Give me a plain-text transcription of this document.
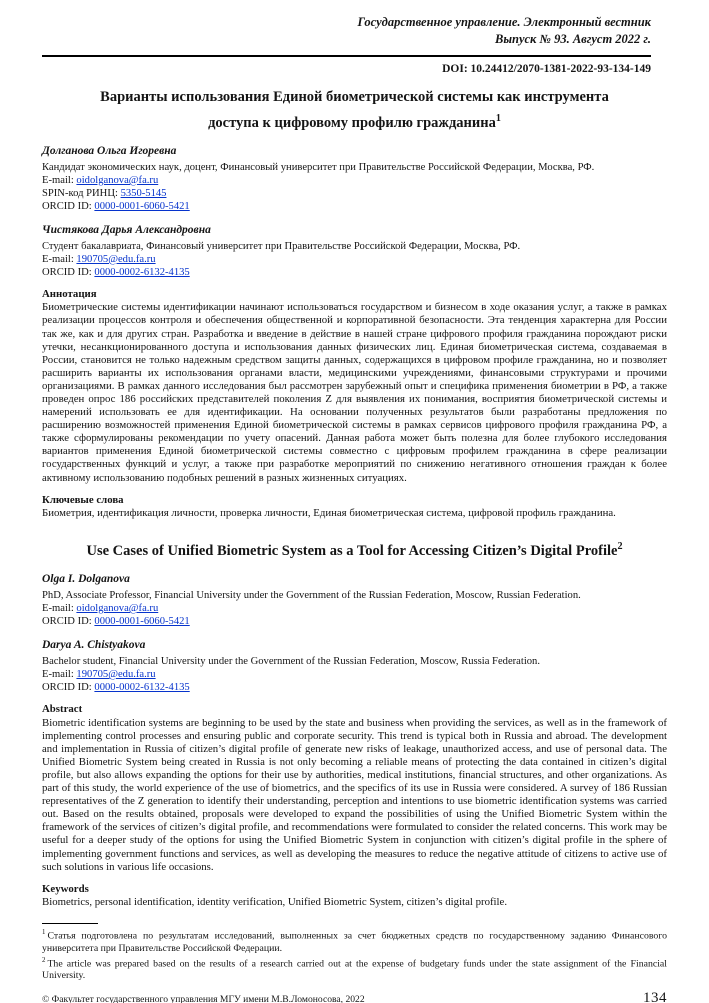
Государственное управление. Электронный вестник
Выпуск № 93. Август 2022 г.
DOI: 10.24412/2070-1381-2022-93-134-149
Варианты использования Единой биометрической системы как инструмента доступа к цифровому профилю гражданина$^1$
Долганова Ольга Игоревна
Кандидат экономических наук, доцент, Финансовый университет при Правительстве Российской Федерации, Москва, РФ.
E-mail: oidolganova@fa.ru
SPIN-код РИНЦ: 5350-5145
ORCID ID: 0000-0001-6060-5421
Чистякова Дарья Александровна
Студент бакалавриата, Финансовый университет при Правительстве Российской Федерации, Москва, РФ.
E-mail: 190705@edu.fa.ru
ORCID ID: 0000-0002-6132-4135
Аннотация

Биометрические системы идентификации начинают использоваться государством и бизнесом в ходе оказания услуг, а также в рамках реализации процессов контроля и обеспечения общественной и корпоративной безопасности. Эта тенденция характерна для России так же, как и для других стран. Разработка и введение в действие в нашей стране цифрового профиля гражданина порождают риски утечки, несанкционированного доступа и использования данных физических лиц. Единая биометрическая система, создаваемая в России, становится не только надежным средством защиты данных, содержащихся в цифровом профиле гражданина, но и позволяет расширить варианты их использования органами власти, медицинскими учреждениями, финансовыми структурами и прочими организациями. В рамках данного исследования был рассмотрен зарубежный опыт и специфика применения биометрии в РФ, а также проведен опрос 186 российских представителей поколения Z для выявления их понимания, восприятия биометрической системы и намерений использовать ее для идентификации. На основании полученных результатов были разработаны предложения по расширению возможностей применения Единой биометрической системы в рамках сервисов цифрового профиля гражданина РФ, а также сформулированы рекомендации по учету опасений. Данная работа может быть полезна для более глубокого исследования вариантов применения Единой биометрической системы совместно с цифровым профилем гражданина в сфере реализации государственных функций и услуг, а также при разработке мероприятий по снижению негативного отношения граждан к более активному использованию подобных решений в разных жизненных ситуациях.

Ключевые слова

Биометрия, идентификация личности, проверка личности, Единая биометрическая система, цифровой профиль гражданина.

Use Cases of Unified Biometric System as a Tool for Accessing Citizen’s Digital Profile$^2$
Olga I. Dolganova
PhD, Associate Professor, Financial University under the Government of the Russian Federation, Moscow, Russian Federation.
E-mail: oidolganova@fa.ru
ORCID ID: 0000-0001-6060-5421
Darya A. Chistyakova
Bachelor student, Financial University under the Government of the Russian Federation, Moscow, Russia Federation.
E-mail: 190705@edu.fa.ru
ORCID ID: 0000-0002-6132-4135
Abstract

Biometric identification systems are beginning to be used by the state and business when providing the services, as well as in the framework of implementing control processes and ensuring public and corporate security. This trend is typical both in Russia and abroad. The development and implementation in Russia of citizen’s digital profile of generate new risks of leakage, unauthorized access, and use of personal data. The Unified Biometric System being created in Russia is not only becoming a reliable means of protecting the data contained in citizen’s digital profile, but also allows expanding the options for their use by authorities, medical institutions, financial structures, and other organizations. As part of this study, the world experience of the use of biometrics, and the specifics of its use in Russia were considered. A survey of 186 Russian representatives of the Z generation to identify their understanding, perception and intentions to use biometric identification systems was carried out. Based on the results obtained, proposals were developed to expand the possibilities of using the Unified Biometric System within the framework of the services of citizen’s digital profile, and recommendations were formulated to consider the related concerns. This work may be useful for a deeper study of the options for using the Unified Biometric System in conjunction with citizen’s digital profile in the sphere of implementing government functions and services, as well as developing the measures to reduce the negative attitude of citizens to active use of such solutions in various life occasions.

Keywords

Biometrics, personal identification, identity verification, Unified Biometric System, citizen’s digital profile.

$^1$ Статья подготовлена по результатам исследований, выполненных за счет бюджетных средств по государственному заданию Финансового университета при Правительстве Российской Федерации.
$^2$ The article was prepared based on the results of a research carried out at the expense of budgetary funds under the state assignment of the Financial University.
© Факультет государственного управления МГУ имени М.В.Ломоносова, 2022	134
